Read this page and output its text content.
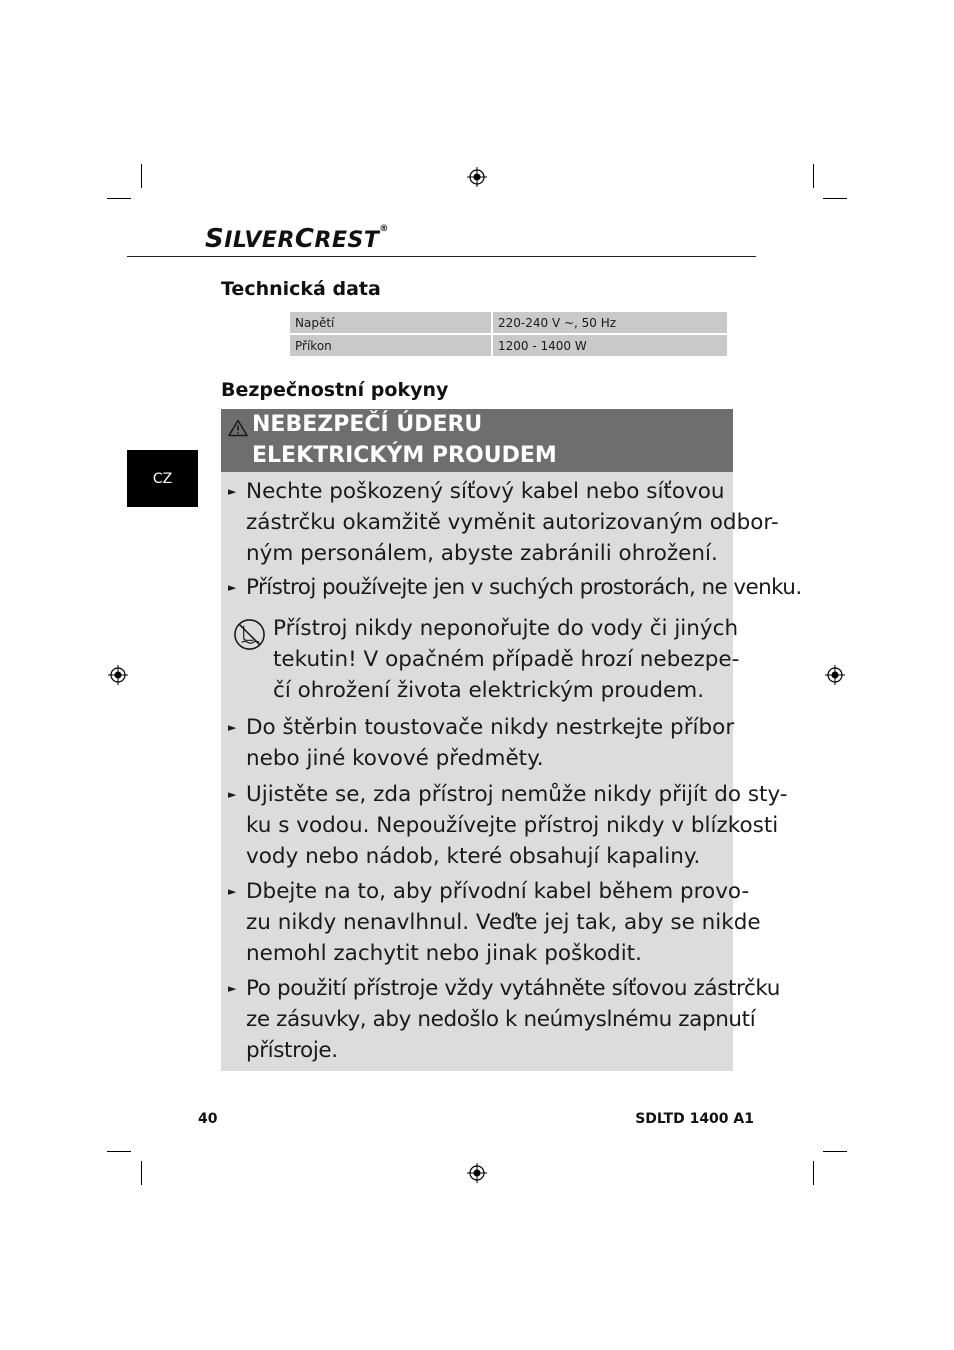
SILVERCREST®
Technická data
Napětí	220-240 V ~, 50 Hz
Příkon	1200 - 1400 W
Bezpečnostní pokyny
CZ
NEBEZPEČÍ ÚDERU
ELEKTRICKÝM PROUDEM
► Nechte poškozený síťový kabel nebo síťovou
zástrčku okamžitě vyměnit autorizovaným odbor-
ným personálem, abyste zabránili ohrožení.
► Přístroj používejte jen v suchých prostorách, ne venku.
Přístroj nikdy neponořujte do vody či jiných
tekutin! V opačném případě hrozí nebezpe-
čí ohrožení života elektrickým proudem.
► Do štěrbin toustovače nikdy nestrkejte příbor
nebo jiné kovové předměty.
► Ujistěte se, zda přístroj nemůže nikdy přijít do sty-
ku s vodou. Nepoužívejte přístroj nikdy v blízkosti
vody nebo nádob, které obsahují kapaliny.
► Dbejte na to, aby přívodní kabel během provo-
zu nikdy nenavlhnul. Veďte jej tak, aby se nikde
nemohl zachytit nebo jinak poškodit.
► Po použití přístroje vždy vytáhněte síťovou zástrčku
ze zásuvky, aby nedošlo k neúmyslnému zapnutí
přístroje.
40	SDLTD 1400 A1
